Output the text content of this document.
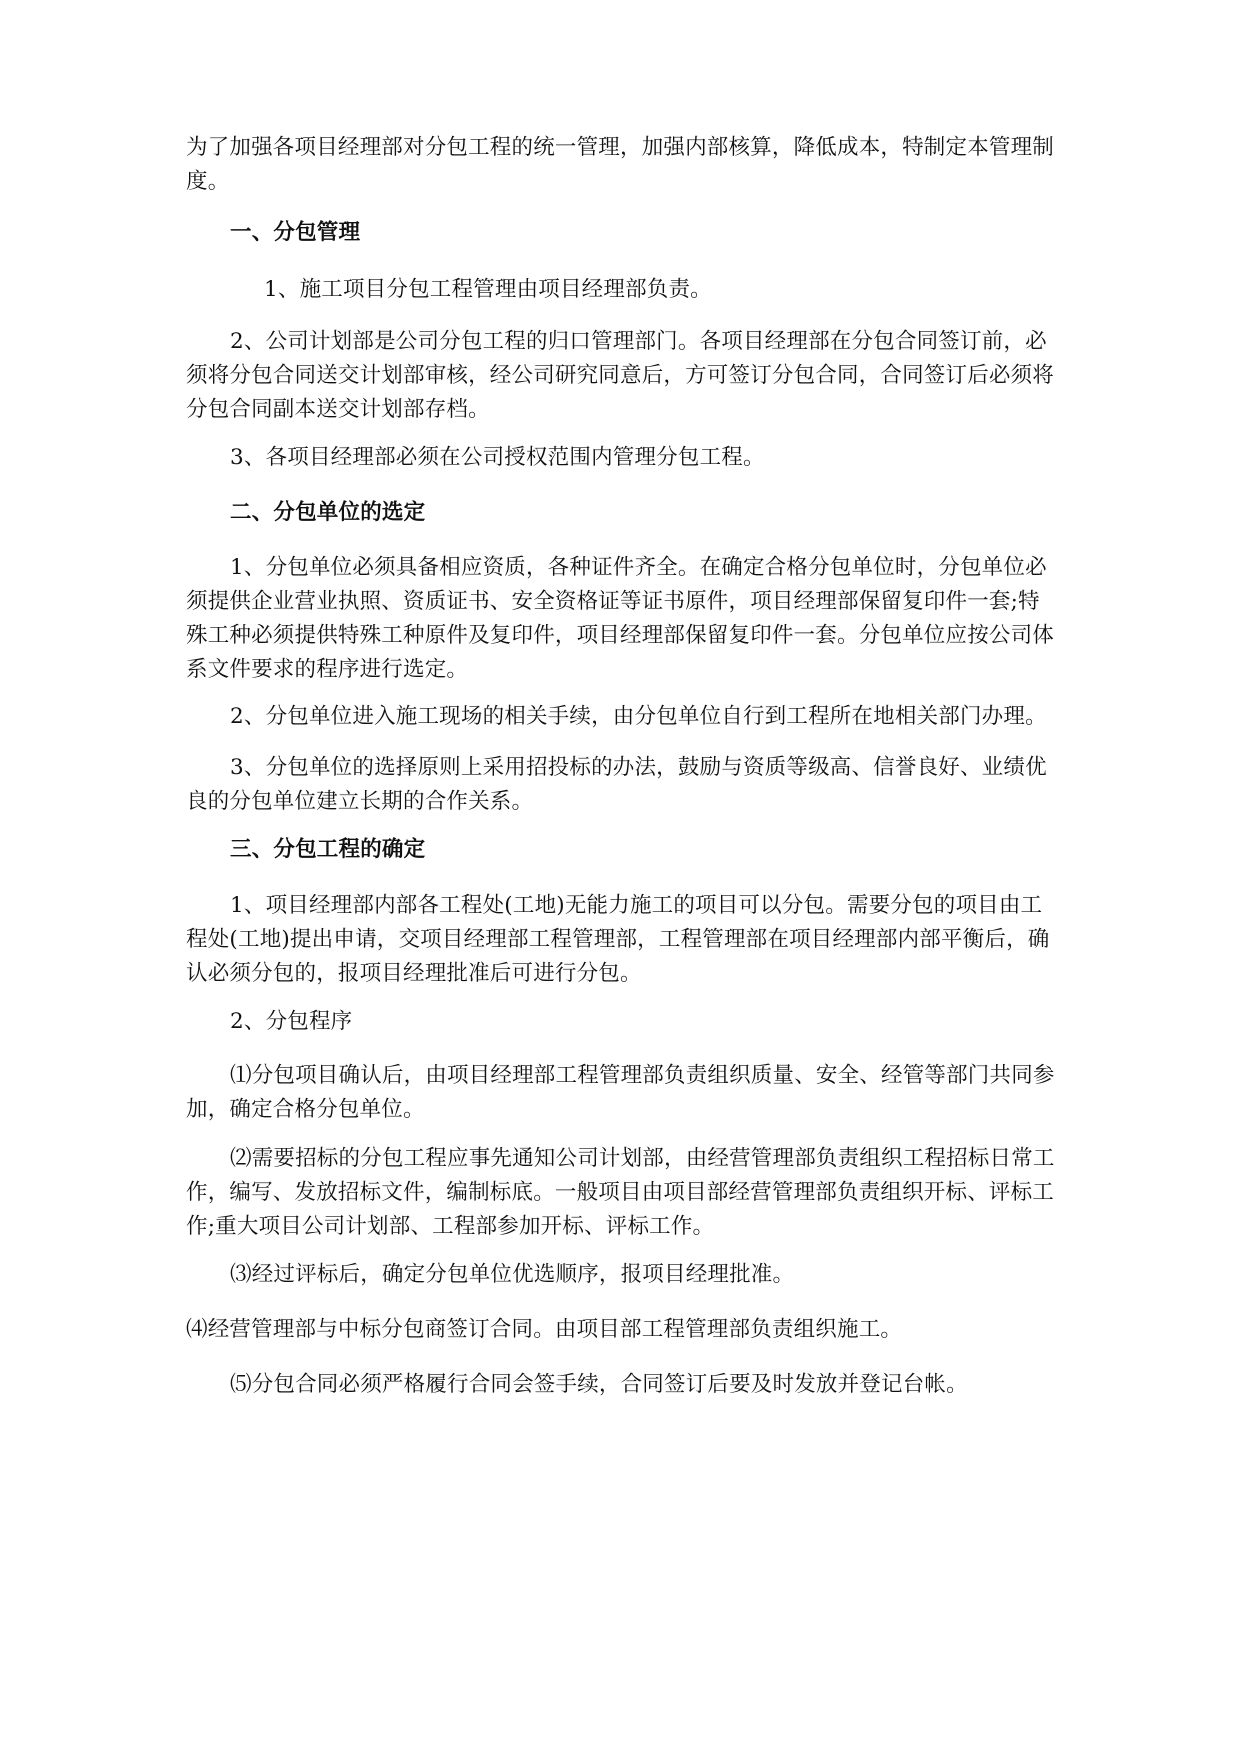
为了加强各项目经理部对分包工程的统一管理，加强内部核算，降低成本，特制定本管理制度。

一、分包管理

1、施工项目分包工程管理由项目经理部负责。

2、公司计划部是公司分包工程的归口管理部门。各项目经理部在分包合同签订前，必须将分包合同送交计划部审核，经公司研究同意后，方可签订分包合同，合同签订后必须将分包合同副本送交计划部存档。

3、各项目经理部必须在公司授权范围内管理分包工程。

二、分包单位的选定

1、分包单位必须具备相应资质，各种证件齐全。在确定合格分包单位时，分包单位必须提供企业营业执照、资质证书、安全资格证等证书原件，项目经理部保留复印件一套;特殊工种必须提供特殊工种原件及复印件，项目经理部保留复印件一套。分包单位应按公司体系文件要求的程序进行选定。

2、分包单位进入施工现场的相关手续，由分包单位自行到工程所在地相关部门办理。

3、分包单位的选择原则上采用招投标的办法，鼓励与资质等级高、信誉良好、业绩优良的分包单位建立长期的合作关系。

三、分包工程的确定

1、项目经理部内部各工程处(工地)无能力施工的项目可以分包。需要分包的项目由工程处(工地)提出申请，交项目经理部工程管理部，工程管理部在项目经理部内部平衡后，确认必须分包的，报项目经理批准后可进行分包。

2、分包程序

⑴分包项目确认后，由项目经理部工程管理部负责组织质量、安全、经管等部门共同参加，确定合格分包单位。

⑵需要招标的分包工程应事先通知公司计划部，由经营管理部负责组织工程招标日常工作，编写、发放招标文件，编制标底。一般项目由项目部经营管理部负责组织开标、评标工作;重大项目公司计划部、工程部参加开标、评标工作。

⑶经过评标后，确定分包单位优选顺序，报项目经理批准。

⑷经营管理部与中标分包商签订合同。由项目部工程管理部负责组织施工。

⑸分包合同必须严格履行合同会签手续，合同签订后要及时发放并登记台帐。
